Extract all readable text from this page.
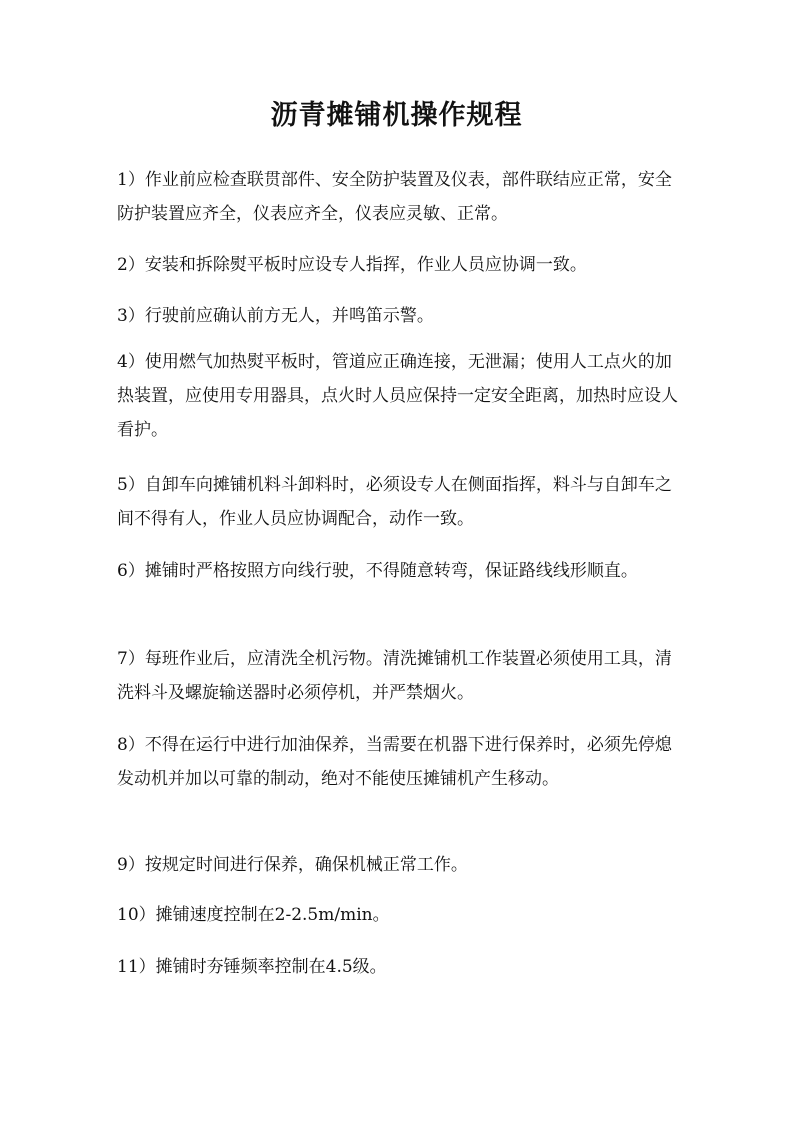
沥青摊铺机操作规程

1）作业前应检查联贯部件、安全防护装置及仪表，部件联结应正常，安全防护装置应齐全，仪表应齐全，仪表应灵敏、正常。

2）安装和拆除熨平板时应设专人指挥，作业人员应协调一致。

3）行驶前应确认前方无人，并鸣笛示警。

4）使用燃气加热熨平板时，管道应正确连接，无泄漏；使用人工点火的加热装置，应使用专用器具，点火时人员应保持一定安全距离，加热时应设人看护。

5）自卸车向摊铺机料斗卸料时，必须设专人在侧面指挥，料斗与自卸车之间不得有人，作业人员应协调配合，动作一致。

6）摊铺时严格按照方向线行驶，不得随意转弯，保证路线线形顺直。

7）每班作业后，应清洗全机污物。清洗摊铺机工作装置必须使用工具，清洗料斗及螺旋输送器时必须停机，并严禁烟火。

8）不得在运行中进行加油保养，当需要在机器下进行保养时，必须先停熄发动机并加以可靠的制动，绝对不能使压摊铺机产生移动。

9）按规定时间进行保养，确保机械正常工作。

10）摊铺速度控制在2-2.5m/min。

11）摊铺时夯锤频率控制在4.5级。
